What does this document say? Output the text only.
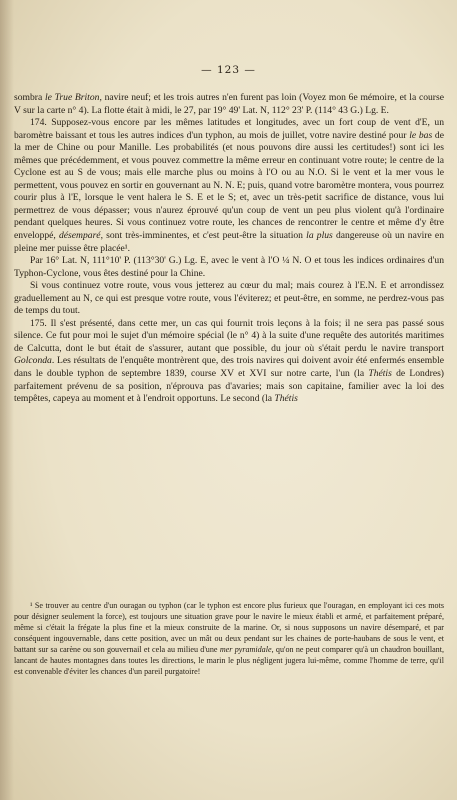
— 123 —

sombra le True Briton, navire neuf; et les trois autres n'en furent pas loin (Voyez mon 6e mémoire, et la course V sur la carte n° 4). La flotte était à midi, le 27, par 19° 49' Lat. N, 112° 23' P. (114° 43 G.) Lg. E.

174. Supposez-vous encore par les mêmes latitudes et longitudes, avec un fort coup de vent d'E, un baromètre baissant et tous les autres indices d'un typhon, au mois de juillet, votre navire destiné pour le bas de la mer de Chine ou pour Manille. Les probabilités (et nous pouvons dire aussi les certitudes!) sont ici les mêmes que précédemment, et vous pouvez commettre la même erreur en continuant votre route; le centre de la Cyclone est au S de vous; mais elle marche plus ou moins à l'O ou au N.O. Si le vent et la mer vous le permettent, vous pouvez en sortir en gouvernant au N. N. E; puis, quand votre baromètre montera, vous pourrez courir plus à l'E, lorsque le vent halera le S. E et le S; et, avec un très-petit sacrifice de distance, vous lui permettrez de vous dépasser; vous n'aurez éprouvé qu'un coup de vent un peu plus violent qu'à l'ordinaire pendant quelques heures. Si vous continuez votre route, les chances de rencontrer le centre et même d'y être enveloppé, désemparé, sont très-imminentes, et c'est peut-être la situation la plus dangereuse où un navire en pleine mer puisse être placée¹.

Par 16° Lat. N, 111°10' P. (113°30' G.) Lg. E, avec le vent à l'O ¼ N. O et tous les indices ordinaires d'un Typhon-Cyclone, vous êtes destiné pour la Chine.

Si vous continuez votre route, vous vous jetterez au cœur du mal; mais courez à l'E.N. E et arrondissez graduellement au N, ce qui est presque votre route, vous l'éviterez; et peut-être, en somme, ne perdrez-vous pas de temps du tout.

175. Il s'est présenté, dans cette mer, un cas qui fournit trois leçons à la fois; il ne sera pas passé sous silence. Ce fut pour moi le sujet d'un mémoire spécial (le n° 4) à la suite d'une requête des autorités maritimes de Calcutta, dont le but était de s'assurer, autant que possible, du jour où s'était perdu le navire transport Golconda. Les résultats de l'enquête montrèrent que, des trois navires qui doivent avoir été enfermés ensemble dans le double typhon de septembre 1839, course XV et XVI sur notre carte, l'un (la Thétis de Londres) parfaitement prévenu de sa position, n'éprouva pas d'avaries; mais son capitaine, familier avec la loi des tempêtes, capeya au moment et à l'endroit opportuns. Le second (la Thétis

¹ Se trouver au centre d'un ouragan ou typhon (car le typhon est encore plus furieux que l'ouragan, en employant ici ces mots pour désigner seulement la force), est toujours une situation grave pour le navire le mieux établi et armé, et parfaitement préparé, même si c'était la frégate la plus fine et la mieux construite de la marine. Or, si nous supposons un navire désemparé, et par conséquent ingouvernable, dans cette position, avec un mât ou deux pendant sur les chaines de porte-haubans de sous le vent, et battant sur sa carène ou son gouvernail et cela au milieu d'une mer pyramidale, qu'on ne peut comparer qu'à un chaudron bouillant, lancant de hautes montagnes dans toutes les directions, le marin le plus négligent jugera lui-même, comme l'homme de terre, qu'il est convenable d'éviter les chances d'un pareil purgatoire!
